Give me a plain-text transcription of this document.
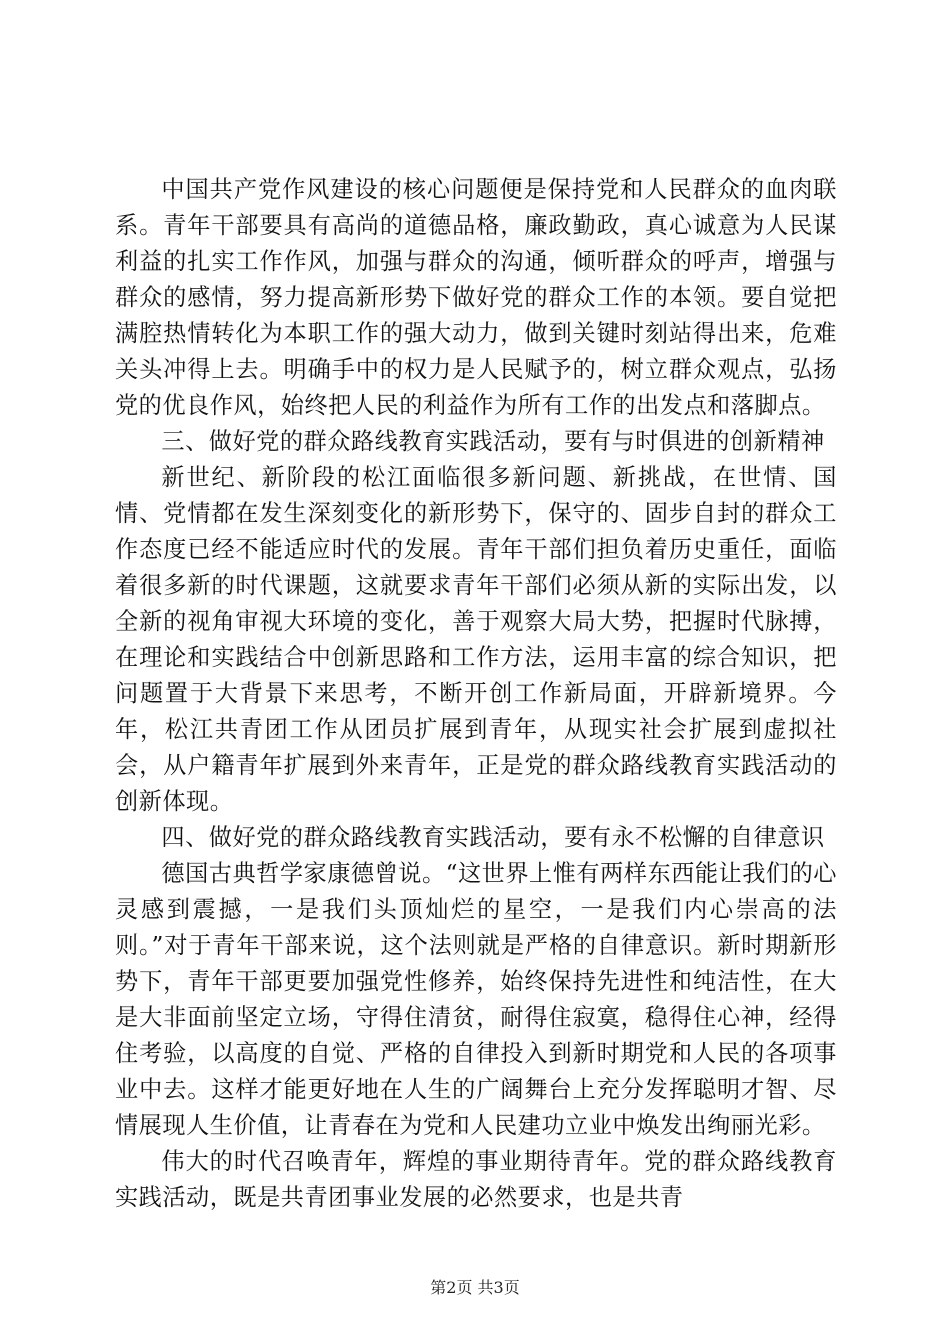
中国共产党作风建设的核心问题便是保持党和人民群众的血肉联系。青年干部要具有高尚的道德品格，廉政勤政，真心诚意为人民谋利益的扎实工作作风，加强与群众的沟通，倾听群众的呼声，增强与群众的感情，努力提高新形势下做好党的群众工作的本领。要自觉把满腔热情转化为本职工作的强大动力，做到关键时刻站得出来，危难关头冲得上去。明确手中的权力是人民赋予的，树立群众观点，弘扬党的优良作风，始终把人民的利益作为所有工作的出发点和落脚点。

三、做好党的群众路线教育实践活动，要有与时俱进的创新精神

新世纪、新阶段的松江面临很多新问题、新挑战，在世情、国情、党情都在发生深刻变化的新形势下，保守的、固步自封的群众工作态度已经不能适应时代的发展。青年干部们担负着历史重任，面临着很多新的时代课题，这就要求青年干部们必须从新的实际出发，以全新的视角审视大环境的变化，善于观察大局大势，把握时代脉搏，在理论和实践结合中创新思路和工作方法，运用丰富的综合知识，把问题置于大背景下来思考，不断开创工作新局面，开辟新境界。今年，松江共青团工作从团员扩展到青年，从现实社会扩展到虚拟社会，从户籍青年扩展到外来青年，正是党的群众路线教育实践活动的创新体现。

四、做好党的群众路线教育实践活动，要有永不松懈的自律意识

德国古典哲学家康德曾说。“这世界上惟有两样东西能让我们的心灵感到震撼，一是我们头顶灿烂的星空，一是我们内心崇高的法则。”对于青年干部来说，这个法则就是严格的自律意识。新时期新形势下，青年干部更要加强党性修养，始终保持先进性和纯洁性，在大是大非面前坚定立场，守得住清贫，耐得住寂寞，稳得住心神，经得住考验，以高度的自觉、严格的自律投入到新时期党和人民的各项事业中去。这样才能更好地在人生的广阔舞台上充分发挥聪明才智、尽情展现人生价值，让青春在为党和人民建功立业中焕发出绚丽光彩。

伟大的时代召唤青年，辉煌的事业期待青年。党的群众路线教育实践活动，既是共青团事业发展的必然要求，也是共青

第2页 共3页
